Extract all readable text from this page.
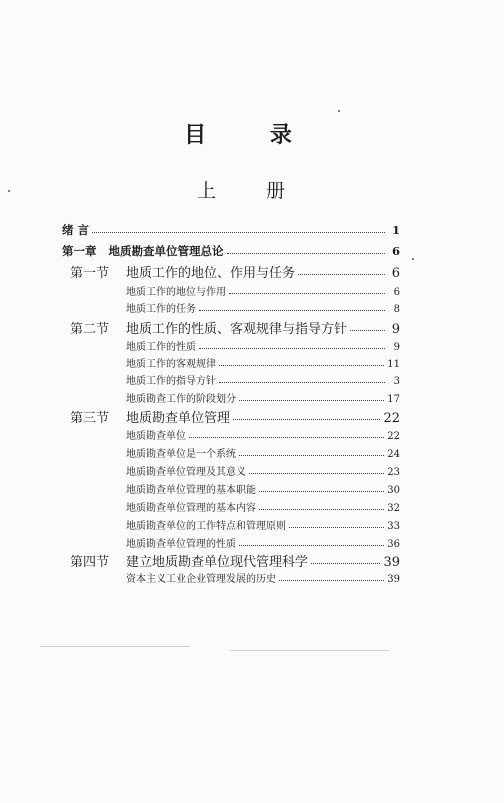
目 录
上 册
绪 言	1
第一章 地质勘查单位管理总论	6
第一节	地质工作的地位、作用与任务	6
地质工作的地位与作用	6
地质工作的任务	8
第二节	地质工作的性质、客观规律与指导方针	9
地质工作的性质	9
地质工作的客观规律	11
地质工作的指导方针	3
地质勘查工作的阶段划分	17
第三节	地质勘查单位管理	22
地质勘查单位	22
地质勘查单位是一个系统	24
地质勘查单位管理及其意义	23
地质勘查单位管理的基本职能	30
地质勘查单位管理的基本内容	32
地质勘查单位的工作特点和管理原则	33
地质勘查单位管理的性质	36
第四节	建立地质勘查单位现代管理科学	39
资本主义工业企业管理发展的历史	39
